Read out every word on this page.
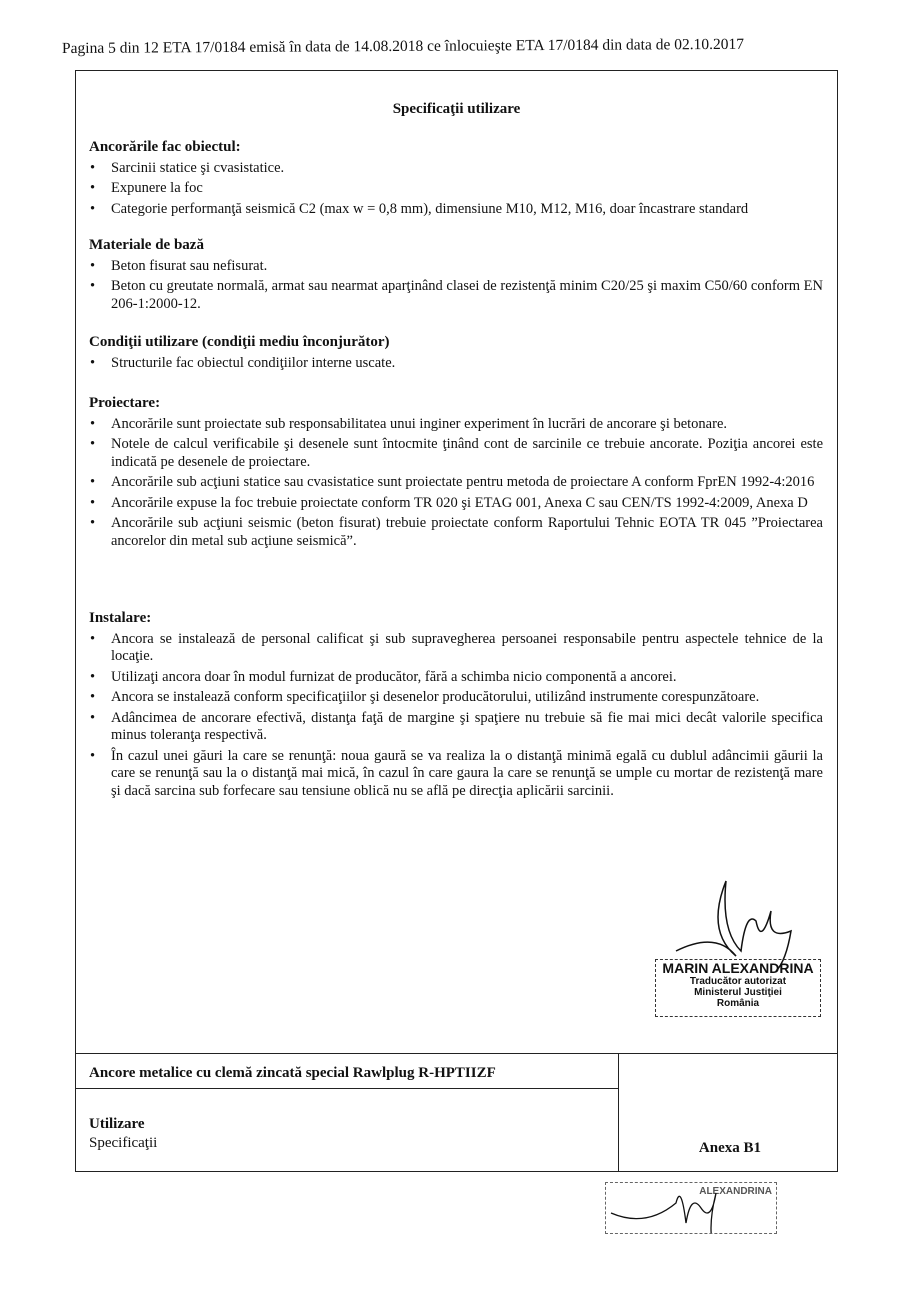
Pagina 5 din 12 ETA 17/0184 emisă în data de 14.08.2018 ce înlocuieşte ETA 17/0184 din data de 02.10.2017
Specificaţii utilizare
Ancorările fac obiectul:
• Sarcinii statice şi cvasistatice.
• Expunere la foc
• Categorie performanţă seismică C2 (max w = 0,8 mm), dimensiune M10, M12, M16, doar încastrare standard
Materiale de bază
• Beton fisurat sau nefisurat.
• Beton cu greutate normală, armat sau nearmat aparţinând clasei de rezistenţă minim C20/25 şi maxim C50/60 conform EN 206-1:2000-12.
Condiţii utilizare (condiţii mediu înconjurător)
• Structurile fac obiectul condiţiilor interne uscate.
Proiectare:
• Ancorările sunt proiectate sub responsabilitatea unui inginer experiment în lucrări de ancorare şi betonare.
• Notele de calcul verificabile şi desenele sunt întocmite ţinând cont de sarcinile ce trebuie ancorate. Poziţia ancorei este indicată pe desenele de proiectare.
• Ancorările sub acţiuni statice sau cvasistatice sunt proiectate pentru metoda de proiectare A conform FprEN 1992-4:2016
• Ancorările expuse la foc trebuie proiectate conform TR 020 şi ETAG 001, Anexa C sau CEN/TS 1992-4:2009, Anexa D
• Ancorările sub acţiuni seismic (beton fisurat) trebuie proiectate conform Raportului Tehnic EOTA TR 045 ”Proiectarea ancorelor din metal sub acţiune seismică”.
Instalare:
• Ancora se instalează de personal calificat şi sub supravegherea persoanei responsabile pentru aspectele tehnice de la locaţie.
• Utilizaţi ancora doar în modul furnizat de producător, fără a schimba nicio componentă a ancorei.
• Ancora se instalează conform specificaţiilor şi desenelor producătorului, utilizând instrumente corespunzătoare.
• Adâncimea de ancorare efectivă, distanţa faţă de margine şi spaţiere nu trebuie să fie mai mici decât valorile specifica minus toleranţa respectivă.
• În cazul unei găuri la care se renunţă: noua gaură se va realiza la o distanţă minimă egală cu dublul adâncimii găurii la care se renunţă sau la o distanţă mai mică, în cazul în care gaura la care se renunţă se umple cu mortar de rezistenţă mare şi dacă sarcina sub forfecare sau tensiune oblică nu se află pe direcţia aplicării sarcinii.
MARIN ALEXANDRINA
Traducător autorizat
Ministerul Justiţiei
România
Ancore metalice cu clemă zincată special Rawlplug R-HPTIIZF
Utilizare
Specificaţii	Anexa B1
ALEXANDRINA
